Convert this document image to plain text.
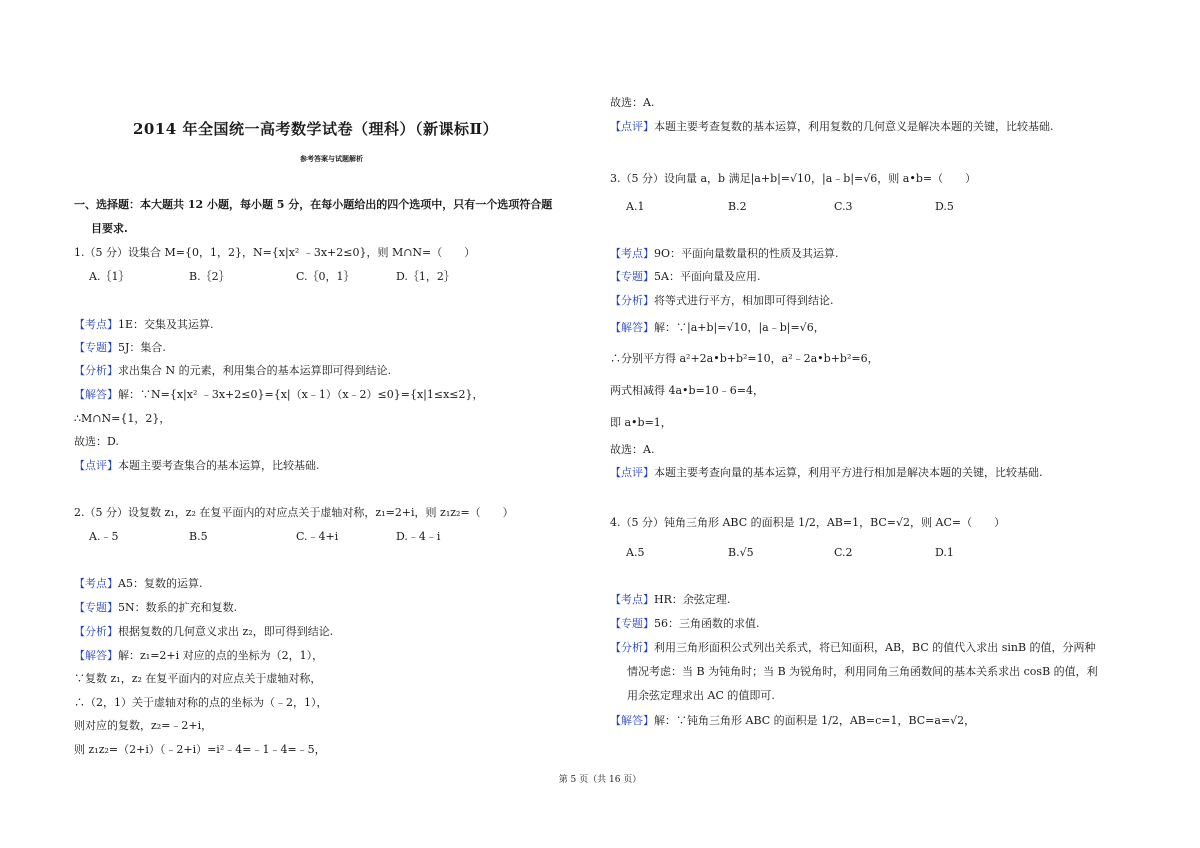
2014 年全国统一高考数学试卷（理科）（新课标Ⅱ）
参考答案与试题解析
一、选择题：本大题共 12 小题，每小题 5 分，在每小题给出的四个选项中，只有一个选项符合题
目要求.
1.（5 分）设集合 M={0，1，2}，N={x|x² ﹣3x+2≤0}，则 M∩N=（　　）
A.｛1｝	B.｛2｝	C.｛0，1｝	D.｛1，2｝
【考点】1E：交集及其运算.
【专题】5J：集合.
【分析】求出集合 N 的元素，利用集合的基本运算即可得到结论.
【解答】解：∵N={x|x² ﹣3x+2≤0}={x|（x﹣1）（x﹣2）≤0}={x|1≤x≤2}，
∴M∩N={1，2}，
故选：D.
【点评】本题主要考查集合的基本运算，比较基础.
2.（5 分）设复数 z₁，z₂ 在复平面内的对应点关于虚轴对称，z₁=2+i，则 z₁z₂=（　　）
A.﹣5	B.5	C.﹣4+i	D.﹣4﹣i
【考点】A5：复数的运算.
【专题】5N：数系的扩充和复数.
【分析】根据复数的几何意义求出 z₂，即可得到结论.
【解答】解：z₁=2+i 对应的点的坐标为（2，1），
∵复数 z₁，z₂ 在复平面内的对应点关于虚轴对称，
∴（2，1）关于虚轴对称的点的坐标为（﹣2，1），
则对应的复数，z₂=﹣2+i，
则 z₁z₂=（2+i）（﹣2+i）=i²﹣4=﹣1﹣4=﹣5，
故选：A.
【点评】本题主要考查复数的基本运算，利用复数的几何意义是解决本题的关键，比较基础.
3.（5 分）设向量 a，b 满足|a+b|=√10，|a﹣b|=√6，则 a•b=（　　）
A.1	B.2	C.3	D.5
【考点】9O：平面向量数量积的性质及其运算.
【专题】5A：平面向量及应用.
【分析】将等式进行平方，相加即可得到结论.
【解答】解：∵|a+b|=√10，|a﹣b|=√6，
∴分别平方得 a²+2a•b+b²=10，a²﹣2a•b+b²=6，
两式相减得 4a•b=10﹣6=4，
即 a•b=1，
故选：A.
【点评】本题主要考查向量的基本运算，利用平方进行相加是解决本题的关键，比较基础.
4.（5 分）钝角三角形 ABC 的面积是 1/2，AB=1，BC=√2，则 AC=（　　）
A.5	B.√5	C.2	D.1
【考点】HR：余弦定理.
【专题】56：三角函数的求值.
【分析】利用三角形面积公式列出关系式，将已知面积，AB，BC 的值代入求出 sinB 的值，分两种
情况考虑：当 B 为钝角时；当 B 为锐角时，利用同角三角函数间的基本关系求出 cosB 的值，利
用余弦定理求出 AC 的值即可.
【解答】解：∵钝角三角形 ABC 的面积是 1/2，AB=c=1，BC=a=√2，
第 5 页（共 16 页）
